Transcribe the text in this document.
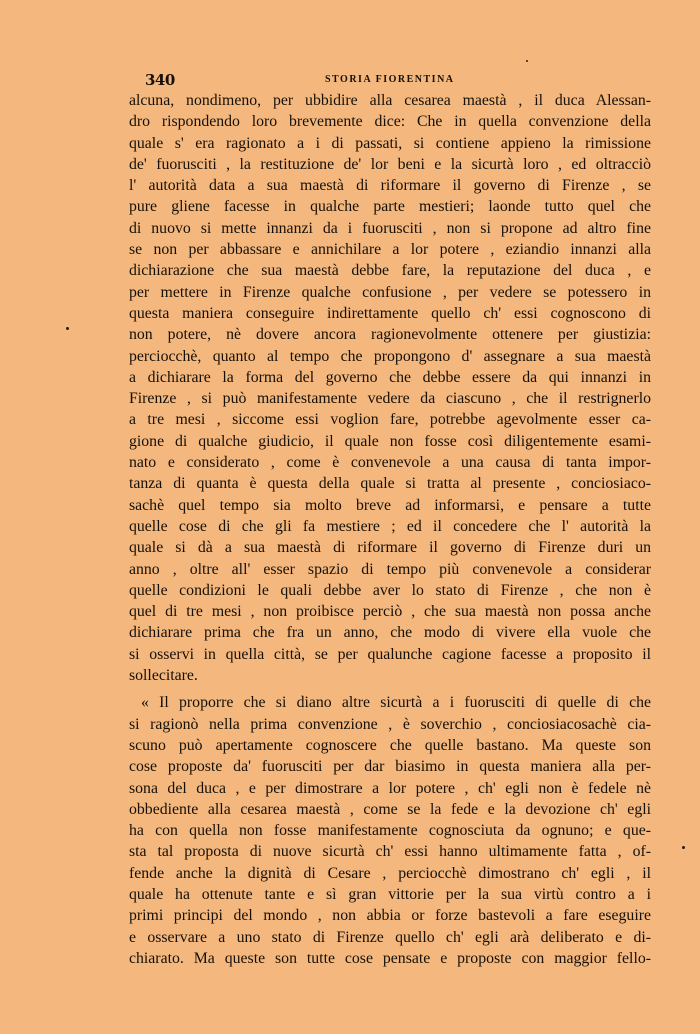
340	STORIA FIORENTINA

alcuna, nondimeno, per ubbidire alla cesarea maestà , il duca Alessan-
dro rispondendo loro brevemente dice: Che in quella convenzione della
quale s' era ragionato a i di passati, si contiene appieno la rimissione
de' fuorusciti , la restituzione de' lor beni e la sicurtà loro , ed oltracciò
l' autorità data a sua maestà di riformare il governo di Firenze , se
pure gliene facesse in qualche parte mestieri; laonde tutto quel che
di nuovo si mette innanzi da i fuorusciti , non si propone ad altro fine
se non per abbassare e annichilare a lor potere , eziandio innanzi alla
dichiarazione che sua maestà debbe fare, la reputazione del duca , e
per mettere in Firenze qualche confusione , per vedere se potessero in
questa maniera conseguire indirettamente quello ch' essi cognoscono di
non potere, nè dovere ancora ragionevolmente ottenere per giustizia:
perciocchè, quanto al tempo che propongono d' assegnare a sua maestà
a dichiarare la forma del governo che debbe essere da qui innanzi in
Firenze , si può manifestamente vedere da ciascuno , che il restrignerlo
a tre mesi , siccome essi voglion fare, potrebbe agevolmente esser ca-
gione di qualche giudicio, il quale non fosse così diligentemente esami-
nato e considerato , come è convenevole a una causa di tanta impor-
tanza di quanta è questa della quale si tratta al presente , conciosiaco-
sachè quel tempo sia molto breve ad informarsi, e pensare a tutte
quelle cose di che gli fa mestiere ; ed il concedere che l' autorità la
quale si dà a sua maestà di riformare il governo di Firenze duri un
anno , oltre all' esser spazio di tempo più convenevole a considerar
quelle condizioni le quali debbe aver lo stato di Firenze , che non è
quel di tre mesi , non proibisce perciò , che sua maestà non possa anche
dichiarare prima che fra un anno, che modo di vivere ella vuole che
si osservi in quella città, se per qualunche cagione facesse a proposito il
sollecitare.

« Il proporre che si diano altre sicurtà a i fuorusciti di quelle di che
si ragionò nella prima convenzione , è soverchio , conciosiacosachè cia-
scuno può apertamente cognoscere che quelle bastano. Ma queste son
cose proposte da' fuorusciti per dar biasimo in questa maniera alla per-
sona del duca , e per dimostrare a lor potere , ch' egli non è fedele nè
obbediente alla cesarea maestà , come se la fede e la devozione ch' egli
ha con quella non fosse manifestamente cognosciuta da ognuno; e que-
sta tal proposta di nuove sicurtà ch' essi hanno ultimamente fatta , of-
fende anche la dignità di Cesare , perciocchè dimostrano ch' egli , il
quale ha ottenute tante e sì gran vittorie per la sua virtù contro a i
primi principi del mondo , non abbia or forze bastevoli a fare eseguire
e osservare a uno stato di Firenze quello ch' egli arà deliberato e di-
chiarato. Ma queste son tutte cose pensate e proposte con maggior fello-
